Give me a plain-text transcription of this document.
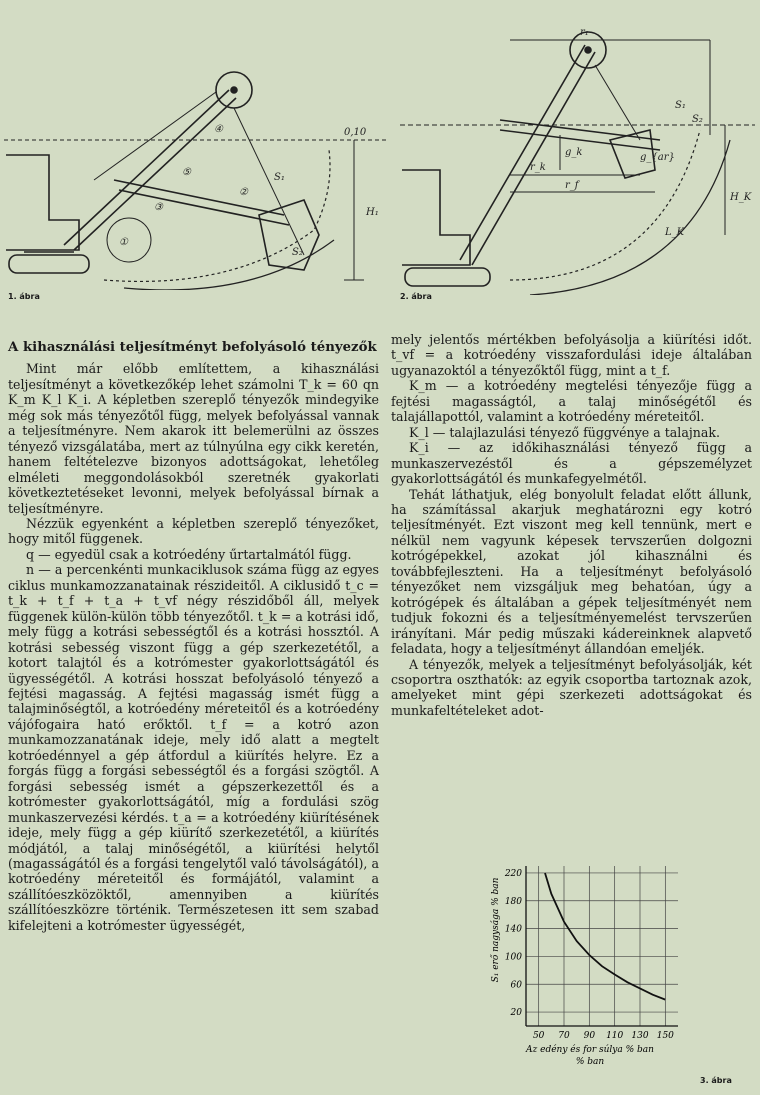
0,10
H₁
S₁
S₂
④
⑤
①
③
②
1. ábra
r₁
S₁
S₂
g_k
r_k
r_f
H_K
L_K
g_{ar}
2. ábra
A kihasználási teljesítményt befolyásoló tényezők

Mint már előbb említettem, a kihasználási teljesítményt a következőkép lehet számolni T_k = 60 qn K_m K_l K_i. A képletben szereplő tényezők mindegyike még sok más tényezőtől függ, melyek befolyással vannak a teljesítményre. Nem akarok itt belemerülni az összes tényező vizsgálatába, mert az túlnyúlna egy cikk keretén, hanem feltételezve bizonyos adottságokat, lehetőleg elméleti meggondolásokból szeretnék gyakorlati következtetéseket levonni, melyek befolyással bírnak a teljesítményre.

Nézzük egyenként a képletben szereplő tényezőket, hogy mitől függenek.

q — egyedül csak a kotróedény űrtartalmától függ.

n — a percenkénti munkaciklusok száma függ az egyes ciklus munkamozzanatainak részideitől. A ciklusidő t_c = t_k + t_f + t_a + t_vf négy részidőből áll, melyek függenek külön-külön több tényezőtől. t_k = a kotrási idő, mely függ a kotrási sebességtől és a kotrási hossztól. A kotrási sebesség viszont függ a gép szerkezetétől, a kotort talajtól és a kotrómester gyakorlottságától és ügyességétől. A kotrási hosszat befolyásoló tényező a fejtési magasság. A fejtési magasság ismét függ a talajminőségtől, a kotróedény méreteitől és a kotróedény vájófogaira ható erőktől. t_f = a kotró azon munkamozzanatának ideje, mely idő alatt a megtelt kotróedénnyel a gép átfordul a kiürítés helyre. Ez a forgás függ a forgási sebességtől és a forgási szögtől. A forgási sebesség ismét a gépszerkezettől és a kotrómester gyakorlottságától, míg a fordulási szög munkaszervezési kérdés. t_a = a kotróedény kiürítésének ideje, mely függ a gép kiürítő szerkezetétől, a kiürítés módjától, a talaj minőségétől, a kiürítési helytől (magasságától és a forgási tengelytől való távolságától), a kotróedény méreteitől és formájától, valamint a szállítóeszközöktől, amennyiben a kiürítés szállítóeszközre történik. Természetesen itt sem szabad kifelejteni a kotrómester ügyességét,

mely jelentős mértékben befolyásolja a kiürítési időt. t_vf = a kotróedény visszafordulási ideje általában ugyanazoktól a tényezőktől függ, mint a t_f.

K_m — a kotróedény megtelési tényezője függ a fejtési magasságtól, a talaj minőségétől és talajállapottól, valamint a kotróedény méreteitől.

K_l — talajlazulási tényező függvénye a talajnak.

K_i — az időkihasználási tényező függ a munkaszervezéstől és a gépszemélyzet gyakorlottságától és munkafegyelmétől.

Tehát láthatjuk, elég bonyolult feladat előtt állunk, ha számítással akarjuk meghatározni egy kotró teljesítményét. Ezt viszont meg kell tennünk, mert e nélkül nem vagyunk képesek tervszerűen dolgozni kotrógépekkel, azokat jól kihasználni és továbbfejleszteni. Ha a teljesítményt befolyásoló tényezőket nem vizsgáljuk meg behatóan, úgy a kotrógépek és általában a gépek teljesítményét nem tudjuk fokozni és a teljesítményemelést tervszerűen irányítani. Már pedig műszaki kádereinknek alapvető feladata, hogy a teljesítményt állandóan emeljék.

A tényezők, melyek a teljesítményt befolyásolják, két csoportra oszthatók: az egyik csoportba tartoznak azok, amelyeket mint gépi szerkezeti adottságokat és munkafeltételeket adot-

S₁ erő nagysága % ban
Az edény és for súlya % ban
% ban
50 70 90 110 130 150
20
60
100
140
180
220
3. ábra
